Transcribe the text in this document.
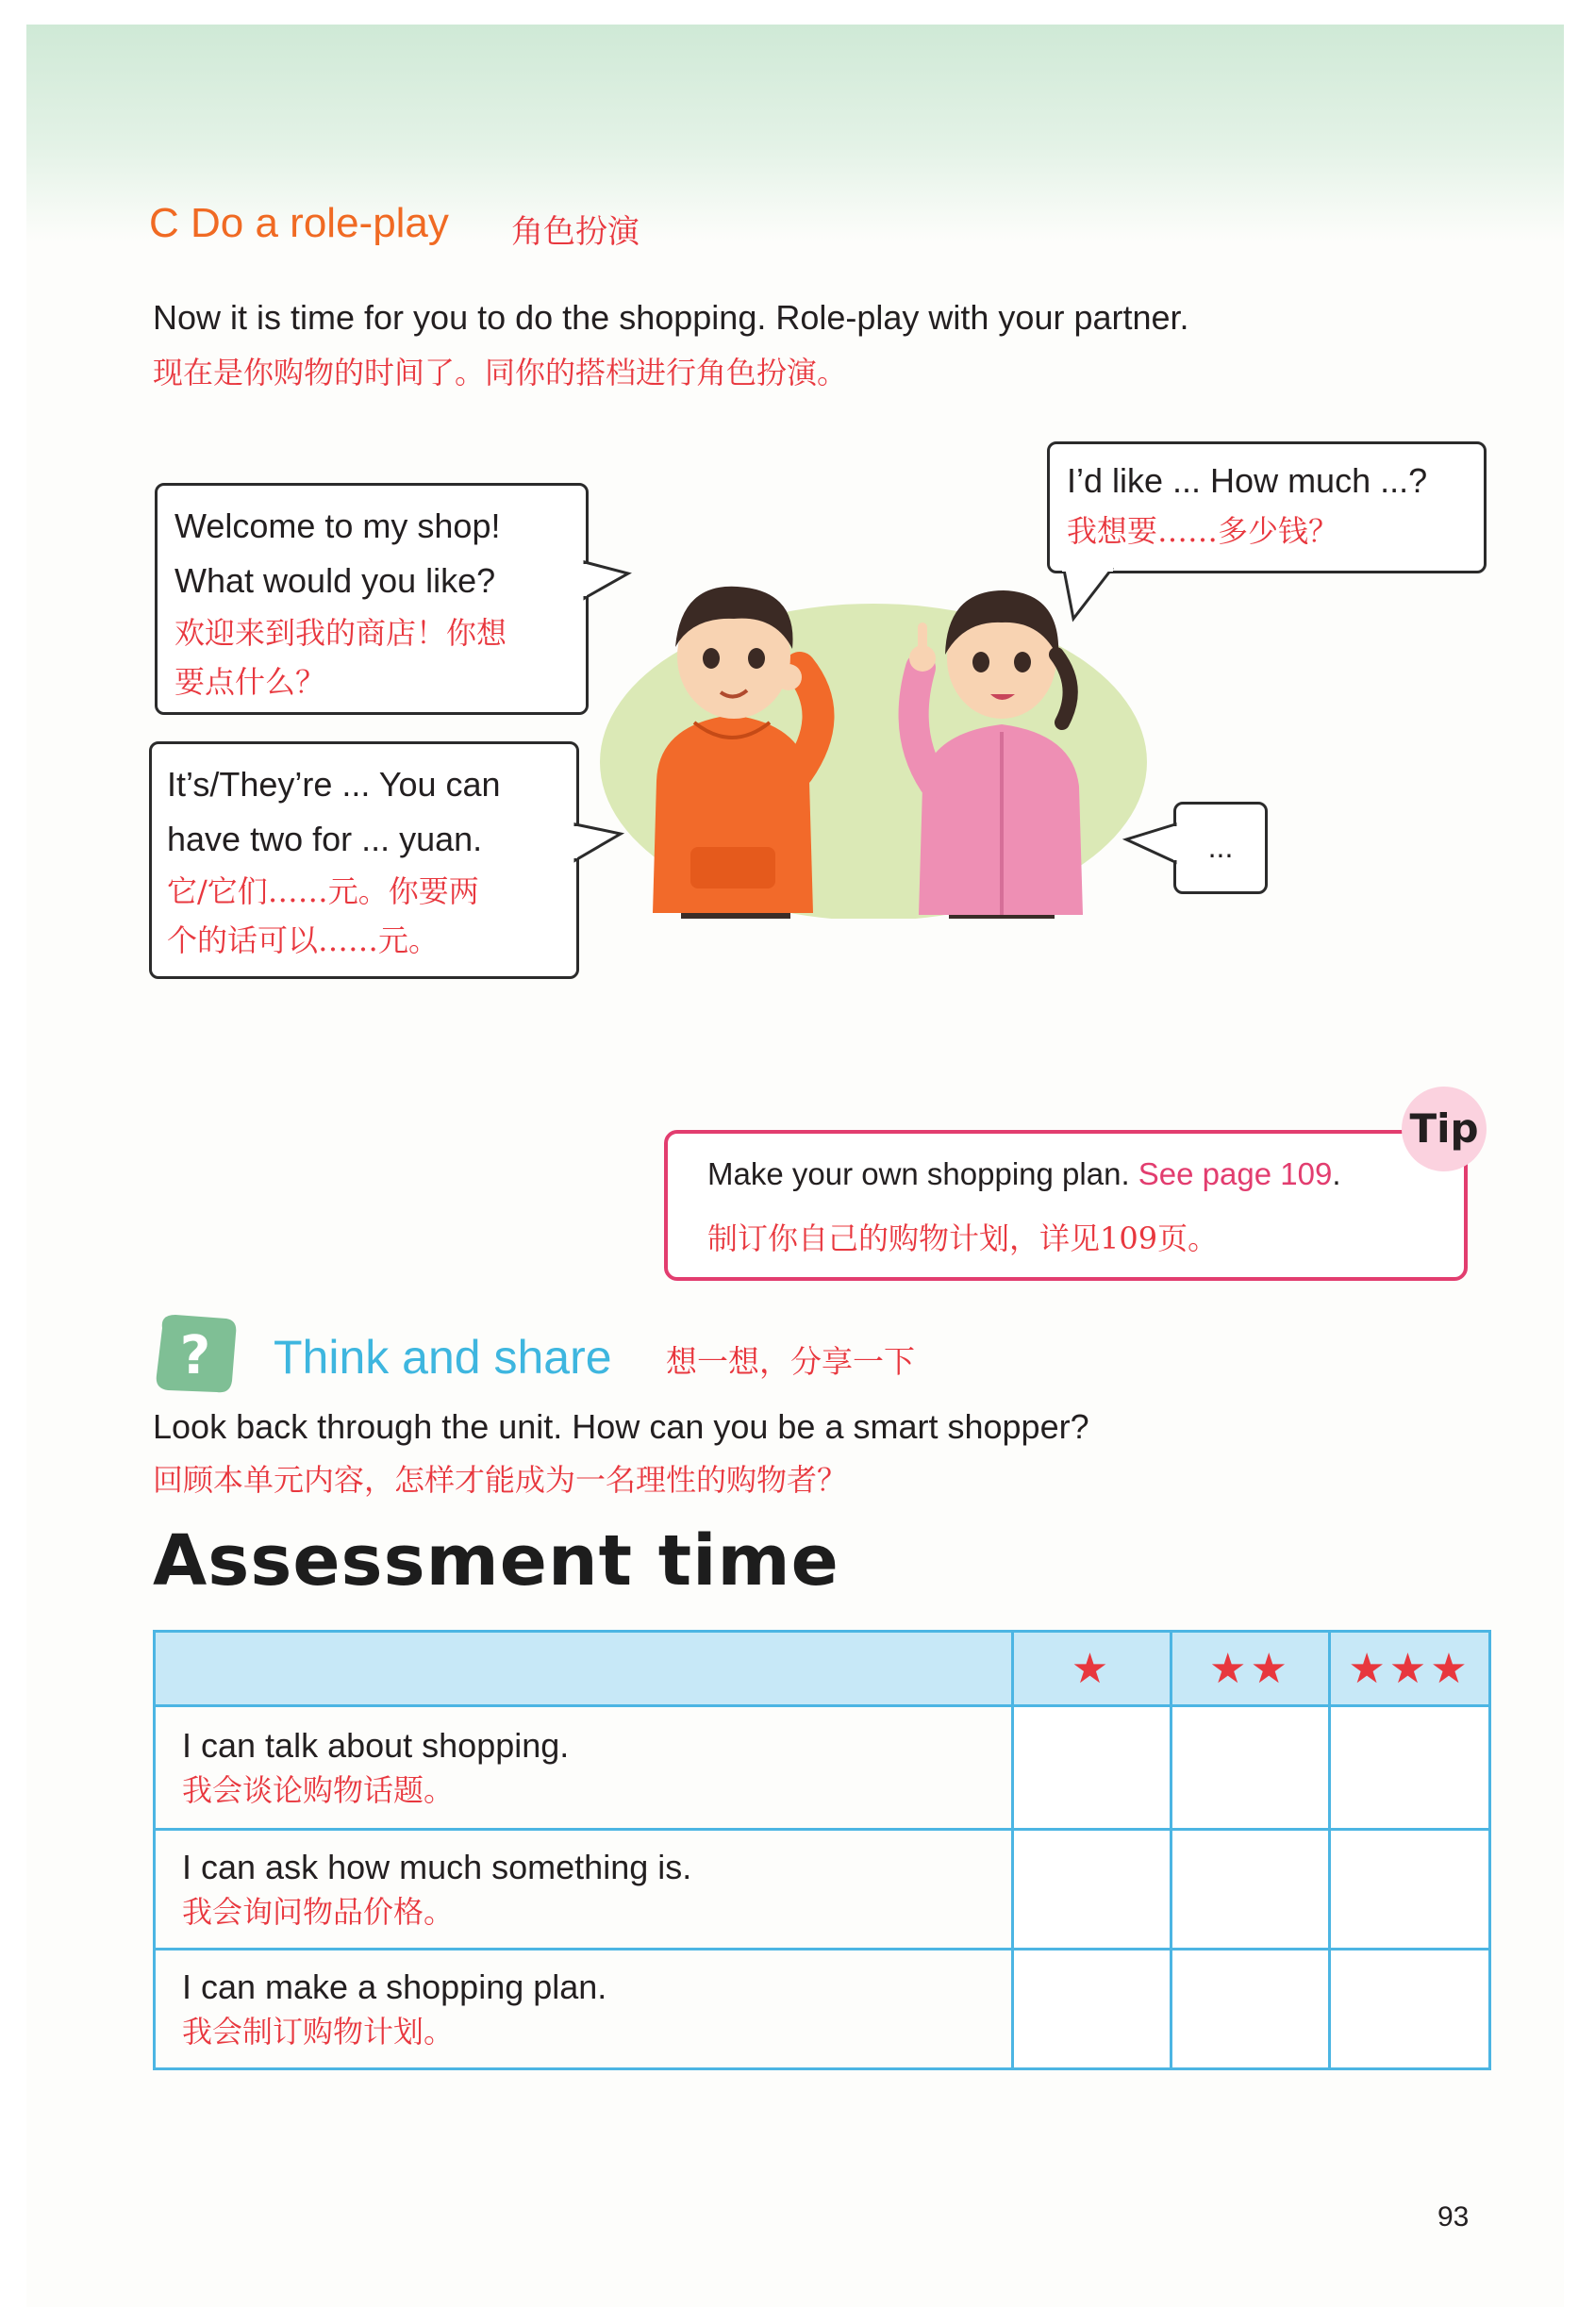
C Do a role-play 角色扮演
Now it is time for you to do the shopping. Role-play with your partner.
现在是你购物的时间了。同你的搭档进行角色扮演。
Welcome to my shop!
What would you like?
欢迎来到我的商店！你想
要点什么？
It’s/They’re ... You can
have two for ... yuan.
它/它们……元。你要两
个的话可以……元。
I’d like ... How much ...?
我想要……多少钱？
...
Tip
Make your own shopping plan. See page 109.
制订你自己的购物计划，详见109页。
? Think and share 想一想，分享一下
Look back through the unit. How can you be a smart shopper?
回顾本单元内容，怎样才能成为一名理性的购物者？
Assessment time
	★	★★	★★★

I can talk about shopping.
我会谈论购物话题。			

I can ask how much something is.
我会询问物品价格。			

I can make a shopping plan.
我会制订购物计划。			

93
